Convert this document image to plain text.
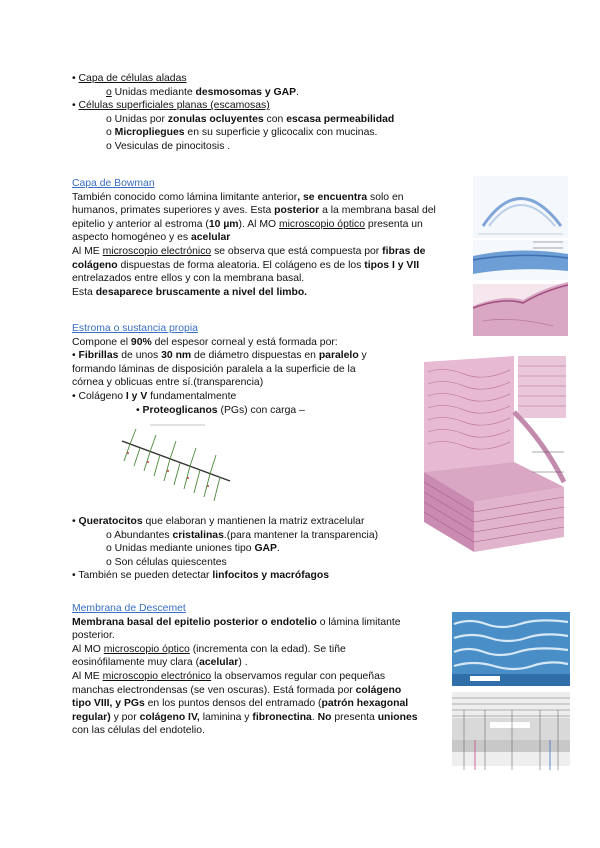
• Capa de células aladas
o Unidas mediante desmosomas y GAP.
• Células superficiales planas (escamosas)
o Unidas por zonulas ocluyentes con escasa permeabilidad
o Micropliegues en su superficie y glicocalix con mucinas.
o Vesiculas de pinocitosis .
Capa de Bowman
También conocido como lámina limitante anterior, se encuentra solo en
humanos, primates superiores y aves. Esta posterior a la membrana basal del
epitelio y anterior al estroma (10 µm). Al MO microscopio óptico presenta un
aspecto homogéneo y es acelular
Al ME microscopio electrónico se observa que está compuesta por fibras de
colágeno dispuestas de forma aleatoria. El colágeno es de los tipos I y VII
entrelazados entre ellos y con la membrana basal.
Esta desaparece bruscamente a nivel del limbo.
Estroma o sustancia propia
Compone el 90% del espesor corneal y está formada por:
• Fibrillas de unos 30 nm de diámetro dispuestas en paralelo y
formando láminas de disposición paralela a la superficie de la
córnea y oblicuas entre sí.(transparencia)
• Colágeno I y V fundamentalmente
• Proteoglicanos (PGs) con carga –
• Queratocitos que elaboran y mantienen la matriz extracelular
o Abundantes cristalinas.(para mantener la transparencia)
o Unidas mediante uniones tipo GAP.
o Son células quiescentes
• También se pueden detectar linfocitos y macrófagos
Membrana de Descemet
Membrana basal del epitelio posterior o endotelio o lámina limitante
posterior.
Al MO microscopio óptico (incrementa con la edad). Se tiñe
eosinófilamente muy clara (acelular) .
Al ME microscopio electrónico la observamos regular con pequeñas
manchas electrondensas (se ven oscuras). Está formada por colágeno
tipo VIII, y PGs en los puntos densos del entramado (patrón hexagonal
regular) y por colágeno IV, laminina y fibronectina. No presenta uniones
con las células del endotelio.
